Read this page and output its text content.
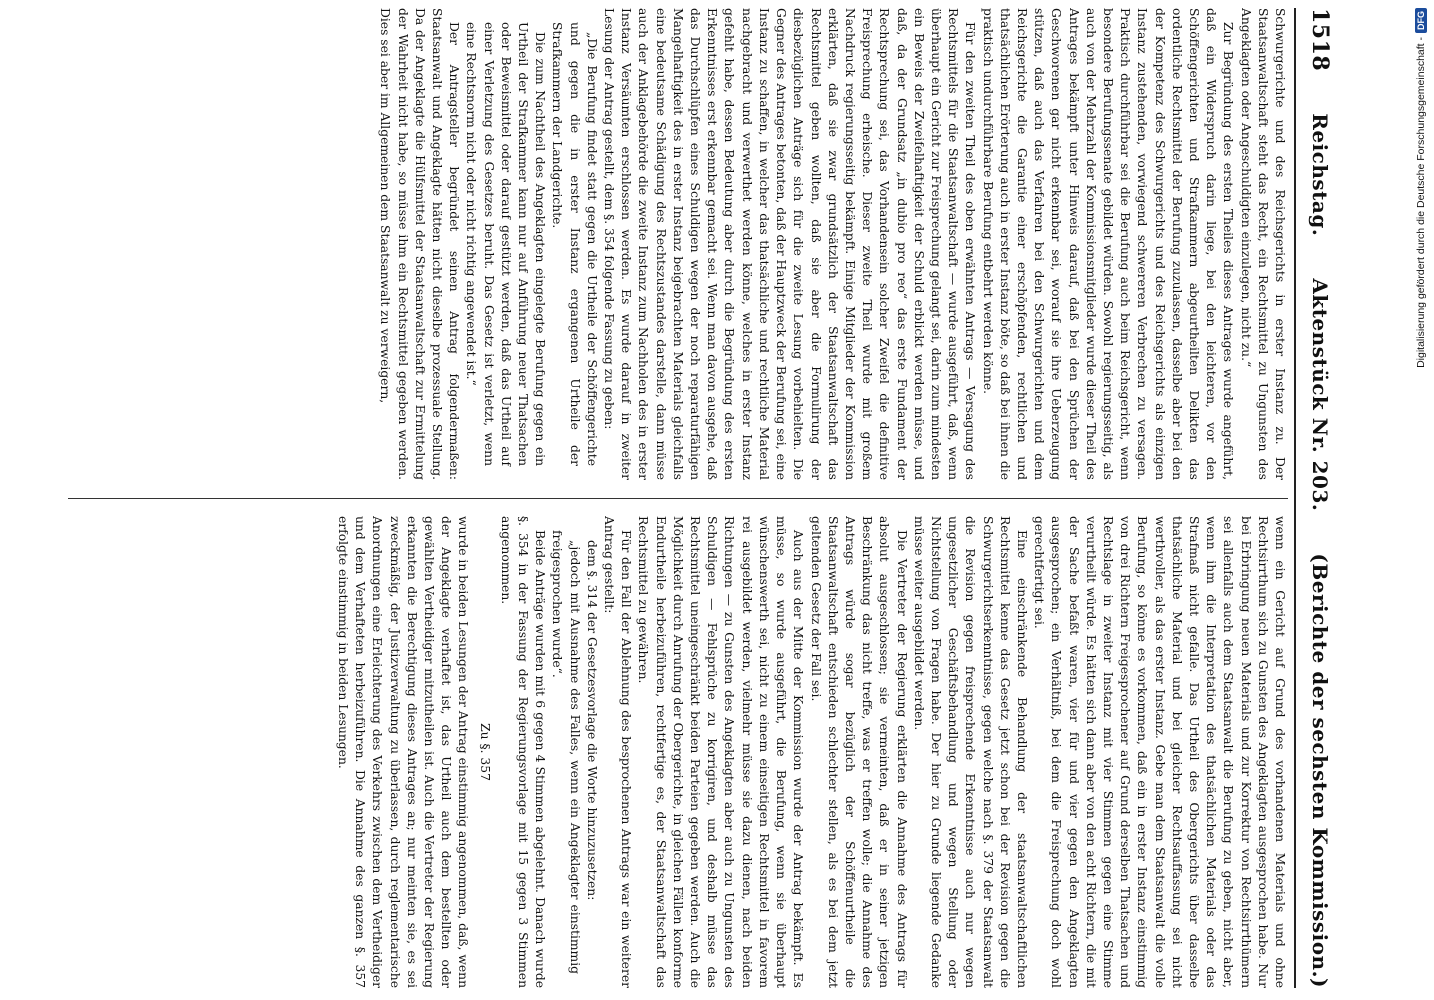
1518
Reichstag.
Aktenstück Nr. 203.
(Berichte der sechsten Kommission.)

Schwurgerichte und des Reichsgerichts in erster Instanz zu. Der Staatsanwaltschaft steht das Recht, ein Rechtsmittel zu Ungunsten des Angeklagten oder Angeschuldigten einzulegen, nicht zu.“

Zur Begründung des ersten Theiles dieses Antrages wurde angeführt, daß ein Widerspruch darin liege, bei den leichteren, vor den Schöffengerichten und Strafkammern abgeurtheilten Delikten das ordentliche Rechtsmittel der Berufung zuzulassen, dasselbe aber bei den der Kompetenz des Schwurgerichts und des Reichsgerichts als einzigen Instanz zustehenden, vorwiegend schwereren Verbrechen zu versagen. Praktisch durchführbar sei die Berufung auch beim Reichsgericht, wenn besondere Berufungssenate gebildet würden. Sowohl regierungsseitig, als auch von der Mehrzahl der Kommissionsmitglieder wurde dieser Theil des Antrages bekämpft unter Hinweis darauf, daß bei den Sprüchen der Geschworenen gar nicht erkennbar sei, worauf sie ihre Ueberzeugung stützen, daß auch das Verfahren bei den Schwurgerichten und dem Reichsgerichte die Garantie einer erschöpfenden, rechtlichen und thatsächlichen Erörterung auch in erster Instanz böte, so daß bei ihnen die praktisch undurchführbare Berufung entbehrt werden könne.

Für den zweiten Theil des oben erwähnten Antrags — Versagung des Rechtsmittels für die Staatsanwaltschaft — wurde ausgeführt, daß, wenn überhaupt ein Gericht zur Freisprechung gelangt sei, darin zum mindesten ein Beweis der Zweifelhaftigkeit der Schuld erblickt werden müsse, und daß, da der Grundsatz „in dubio pro reo“ das erste Fundament der Rechtsprechung sei, das Vorhandensein solcher Zweifel die definitive Freisprechung erheische. Dieser zweite Theil wurde mit großem Nachdruck regierungsseitig bekämpft. Einige Mitglieder der Kommission erklärten, daß sie zwar grundsätzlich der Staatsanwaltschaft das Rechtsmittel geben wollten, daß sie aber die Formulirung der diesbezüglichen Anträge sich für die zweite Lesung vorbehielten. Die Gegner des Antrages betonten, daß der Hauptzweck der Berufung sei, eine Instanz zu schaffen, in welcher das thatsächliche und rechtliche Material nachgebracht und verwerthet werden könne, welches in erster Instanz gefehlt habe, dessen Bedeutung aber durch die Begründung des ersten Erkenntnisses erst erkennbar gemacht sei. Wenn man davon ausgehe, daß das Durchschlüpfen eines Schuldigen wegen der noch reparaturfähigen Mangelhaftigkeit des in erster Instanz beigebrachten Materials gleichfalls eine bedeutsame Schädigung des Rechtszustandes darstelle, dann müsse auch der Anklagebehörde die zweite Instanz zum Nachholen des in erster Instanz Versäumten erschlossen werden. Es wurde darauf in zweiter Lesung der Antrag gestellt, dem §. 354 folgende Fassung zu geben:

„Die Berufung findet statt gegen die Urtheile der Schöffengerichte und gegen die in erster Instanz ergangenen Urtheile der Strafkammern der Landgerichte.

Die zum Nachtheil des Angeklagten eingelegte Berufung gegen ein Urtheil der Strafkammer kann nur auf Anführung neuer Thatsachen oder Beweismittel oder darauf gestützt werden, daß das Urtheil auf einer Verletzung des Gesetzes beruht. Das Gesetz ist verletzt, wenn eine Rechtsnorm nicht oder nicht richtig angewendet ist.“

Der Antragsteller begründet seinen Antrag folgendermaßen: Staatsanwalt und Angeklagte hätten nicht dieselbe prozessuale Stellung. Da der Angeklagte die Hülfsmittel der Staatsanwaltschaft zur Ermittelung der Wahrheit nicht habe, so müsse ihm ein Rechtsmittel gegeben werden. Dies sei aber im Allgemeinen dem Staatsanwalt zu verweigern,

wenn ein Gericht auf Grund des vorhandenen Materials und ohne Rechtsirrthum sich zu Gunsten des Angeklagten ausgesprochen habe. Nur bei Erbringung neuen Materials und zur Korrektur von Rechtsirrthümern sei allenfalls auch dem Staatsanwalt die Berufung zu geben, nicht aber, wenn ihm die Interpretation des thatsächlichen Materials oder das Strafmaß nicht gefalle. Das Urtheil des Obergerichts über dasselbe thatsächliche Material und bei gleicher Rechtsauffassung sei nicht werthvoller, als das erster Instanz. Gebe man dem Staatsanwalt die volle Berufung, so könne es vorkommen, daß ein in erster Instanz einstimmig von drei Richtern Freigesprochener auf Grund derselben Thatsachen und Rechtslage in zweiter Instanz mit vier Stimmen gegen eine Stimme verurtheilt würde. Es hätten sich dann aber von den acht Richtern, die mit der Sache befaßt waren, vier für und vier gegen den Angeklagten ausgesprochen; ein Verhältniß, bei dem die Freisprechung doch wohl gerechtfertigt sei.

Eine einschränkende Behandlung der staatsanwaltschaftlichen Rechtsmittel kenne das Gesetz jetzt schon bei der Revision gegen die Schwurgerichtserkenntnisse, gegen welche nach §. 379 der Staatsanwalt die Revision gegen freisprechende Erkenntnisse auch nur wegen ungesetzlicher Geschäftsbehandlung und wegen Stellung oder Nichtstellung von Fragen habe. Der hier zu Grunde liegende Gedanke müsse weiter ausgebildet werden.

Die Vertreter der Regierung erklärten die Annahme des Antrags für absolut ausgeschlossen; sie vermeinten, daß er in seiner jetzigen Beschränkung das nicht treffe, was er treffen wolle; die Annahme des Antrags würde sogar bezüglich der Schöffenurtheile die Staatsanwaltschaft entschieden schlechter stellen, als es bei dem jetzt geltenden Gesetz der Fall sei.

Auch aus der Mitte der Kommission wurde der Antrag bekämpft. Es müsse, so wurde ausgeführt, die Berufung, wenn sie überhaupt wünschenswerth sei, nicht zu einem einseitigen Rechtsmittel in favorem rei ausgebildet werden, vielmehr müsse sie dazu dienen, nach beiden Richtungen — zu Gunsten des Angeklagten aber auch zu Ungunsten des Schuldigen — Fehlsprüche zu korrigiren, und deshalb müsse das Rechtsmittel uneingeschränkt beiden Parteien gegeben werden. Auch die Möglichkeit durch Anrufung der Obergerichte, in gleichen Fällen konforme Endurtheile herbeizuführen, rechtfertige es, der Staatsanwaltschaft das Rechtsmittel zu gewähren.

Für den Fall der Ablehnung des besprochenen Antrags war ein weiterer Antrag gestellt:

dem §. 314 der Gesetzesvorlage die Worte hinzuzusetzen:

„jedoch mit Ausnahme des Falles, wenn ein Angeklagter einstimmig freigesprochen wurde“.

Beide Anträge wurden mit 6 gegen 4 Stimmen abgelehnt. Danach wurde §. 354 in der Fassung der Regierungsvorlage mit 15 gegen 3 Stimmen angenommen.

Zu §. 357

wurde in beiden Lesungen der Antrag einstimmig angenommen, daß, wenn der Angeklagte verhaftet ist, das Urtheil auch dem bestellten oder gewählten Vertheidiger mitzutheilen ist. Auch die Vertreter der Regierung erkannten die Berechtigung dieses Antrages an; nur meinten sie, es sei zweckmäßig, der Justizverwaltung zu überlassen, durch reglementarische Anordnungen eine Erleichterung des Verkehrs zwischen dem Vertheidiger und dem Verhafteten herbeizuführen. Die Annahme des ganzen §. 357 erfolgte einstimmig in beiden Lesungen.

Digitalisierung gefördert durch die Deutsche Forschungsgemeinschaft -
DFG
